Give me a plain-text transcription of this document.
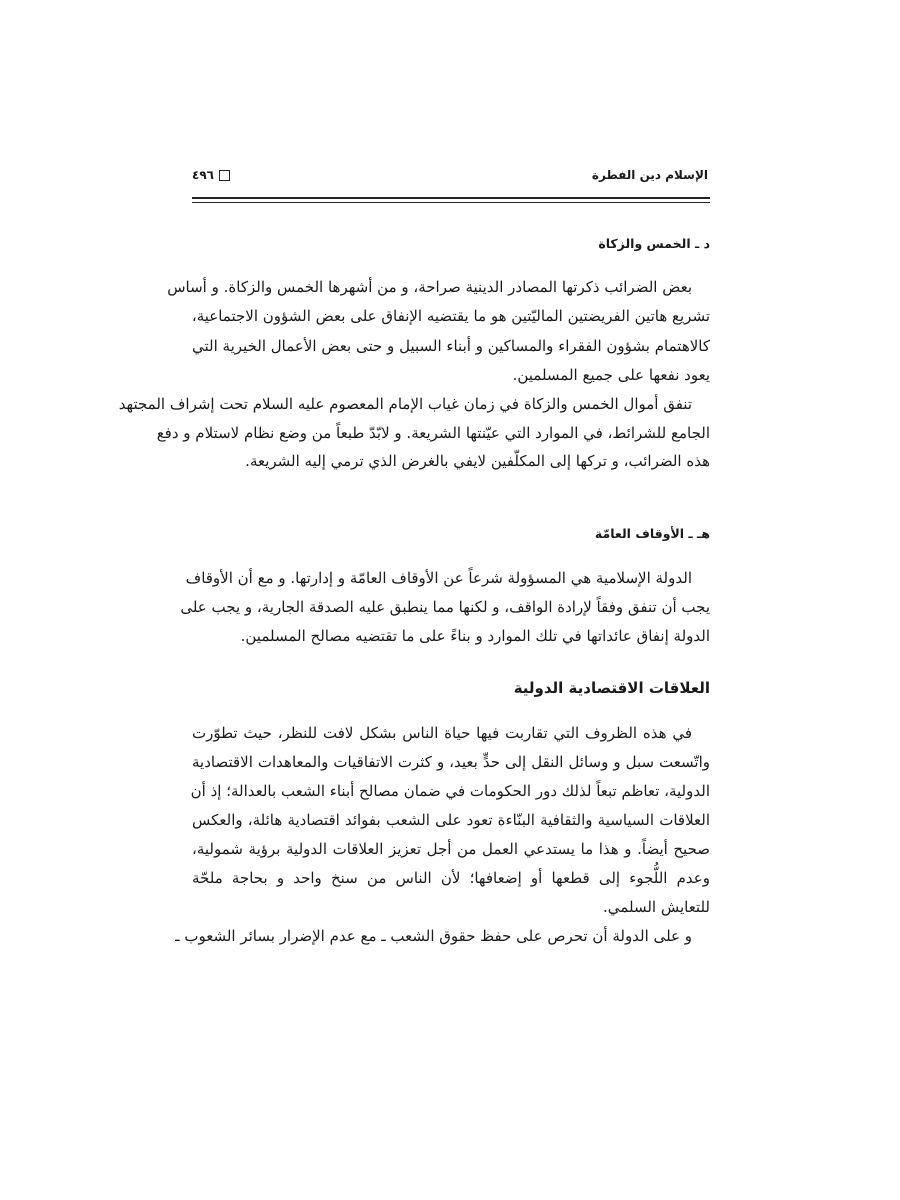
٤٩٦	الإسلام دين الفطرة
د ـ الخمس والزكاة
بعض الضرائب ذكرتها المصادر الدينية صراحة، و من أشهرها الخمس والزكاة. و أساس
تشريع هاتين الفريضتين الماليّتين هو ما يقتضيه الإنفاق على بعض الشؤون الاجتماعية،
كالاهتمام بشؤون الفقراء والمساكين و أبناء السبيل و حتى بعض الأعمال الخيرية التي
يعود نفعها على جميع المسلمين.
تنفق أموال الخمس والزكاة في زمان غياب الإمام المعصوم عليه السلام تحت إشراف المجتهد
الجامع للشرائط، في الموارد التي عيّنتها الشريعة. و لابّدّ طبعاً من وضع نظام لاستلام و دفع
هذه الضرائب، و تركها إلى المكلّفين لايفي بالغرض الذي ترمي إليه الشريعة.
هـ ـ الأوقاف العامّة
الدولة الإسلامية هي المسؤولة شرعاً عن الأوقاف العامّة و إدارتها. و مع أن الأوقاف
يجب أن تنفق وفقاً لإرادة الواقف، و لكنها مما ينطبق عليه الصدقة الجارية، و يجب على
الدولة إنفاق عائداتها في تلك الموارد و بناءً على ما تقتضيه مصالح المسلمين.
العلاقات الاقتصادية الدولية
في هذه الظروف التي تقاربت فيها حياة الناس بشكل لافت للنظر، حيث تطوّرت
واتّسعت سبل و وسائل النقل إلى حدٍّ بعيد، و كثرت الاتفاقيات والمعاهدات الاقتصادية
الدولية، تعاظم تبعاً لذلك دور الحكومات في ضمان مصالح أبناء الشعب بالعدالة؛ إذ أن
العلاقات السياسية والثقافية البنّاءة تعود على الشعب بفوائد اقتصادية هائلة، والعكس
صحيح أيضاً. و هذا ما يستدعي العمل من أجل تعزيز العلاقات الدولية برؤية شمولية،
وعدم اللُّجوء إلى قطعها أو إضعافها؛ لأن الناس من سنخ واحد و بحاجة ملحّة
للتعايش السلمي.
و على الدولة أن تحرص على حفظ حقوق الشعب ـ مع عدم الإضرار بسائر الشعوب ـ
